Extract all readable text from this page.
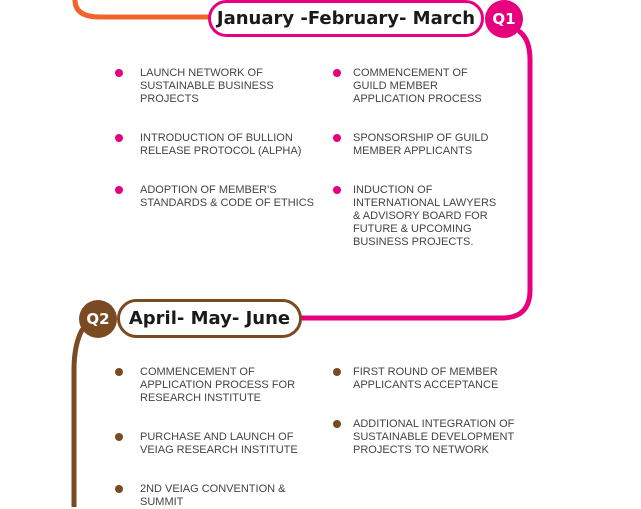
January -February- March	Q1
LAUNCH NETWORK OF
SUSTAINABLE BUSINESS
PROJECTS
INTRODUCTION OF BULLION
RELEASE PROTOCOL (ALPHA)
ADOPTION OF MEMBER'S
STANDARDS & CODE OF ETHICS
COMMENCEMENT OF
GUILD MEMBER
APPLICATION PROCESS
SPONSORSHIP OF GUILD
MEMBER APPLICANTS
INDUCTION OF
INTERNATIONAL LAWYERS
& ADVISORY BOARD FOR
FUTURE & UPCOMING
BUSINESS PROJECTS.
Q2	April- May- June
COMMENCEMENT OF
APPLICATION PROCESS FOR
RESEARCH INSTITUTE
PURCHASE AND LAUNCH OF
VEIAG RESEARCH INSTITUTE
2ND VEIAG CONVENTION &
SUMMIT
FIRST ROUND OF MEMBER
APPLICANTS ACCEPTANCE
ADDITIONAL INTEGRATION OF
SUSTAINABLE DEVELOPMENT
PROJECTS TO NETWORK
